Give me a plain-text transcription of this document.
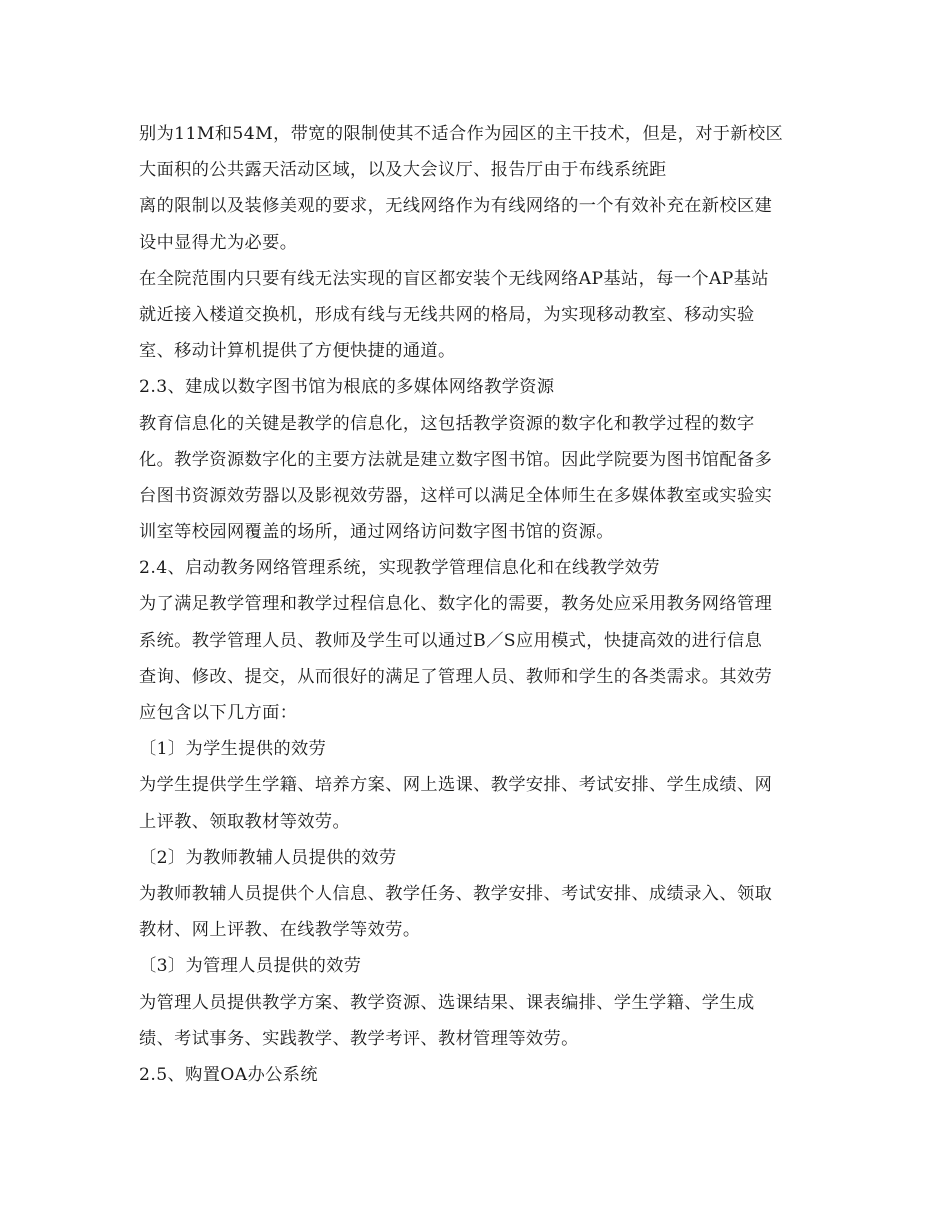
别为11M和54M，带宽的限制使其不适合作为园区的主干技术，但是，对于新校区
大面积的公共露天活动区域，以及大会议厅、报告厅由于布线系统距
离的限制以及装修美观的要求，无线网络作为有线网络的一个有效补充在新校区建
设中显得尤为必要。
在全院范围内只要有线无法实现的盲区都安装个无线网络AP基站，每一个AP基站
就近接入楼道交换机，形成有线与无线共网的格局，为实现移动教室、移动实验
室、移动计算机提供了方便快捷的通道。
2.3、建成以数字图书馆为根底的多媒体网络教学资源
教育信息化的关键是教学的信息化，这包括教学资源的数字化和教学过程的数字
化。教学资源数字化的主要方法就是建立数字图书馆。因此学院要为图书馆配备多
台图书资源效劳器以及影视效劳器，这样可以满足全体师生在多媒体教室或实验实
训室等校园网覆盖的场所，通过网络访问数字图书馆的资源。
2.4、启动教务网络管理系统，实现教学管理信息化和在线教学效劳
为了满足教学管理和教学过程信息化、数字化的需要，教务处应采用教务网络管理
系统。教学管理人员、教师及学生可以通过B／S应用模式，快捷高效的进行信息
查询、修改、提交，从而很好的满足了管理人员、教师和学生的各类需求。其效劳
应包含以下几方面：
〔1〕为学生提供的效劳
为学生提供学生学籍、培养方案、网上选课、教学安排、考试安排、学生成绩、网
上评教、领取教材等效劳。
〔2〕为教师教辅人员提供的效劳
为教师教辅人员提供个人信息、教学任务、教学安排、考试安排、成绩录入、领取
教材、网上评教、在线教学等效劳。
〔3〕为管理人员提供的效劳
为管理人员提供教学方案、教学资源、选课结果、课表编排、学生学籍、学生成
绩、考试事务、实践教学、教学考评、教材管理等效劳。
2.5、购置OA办公系统
